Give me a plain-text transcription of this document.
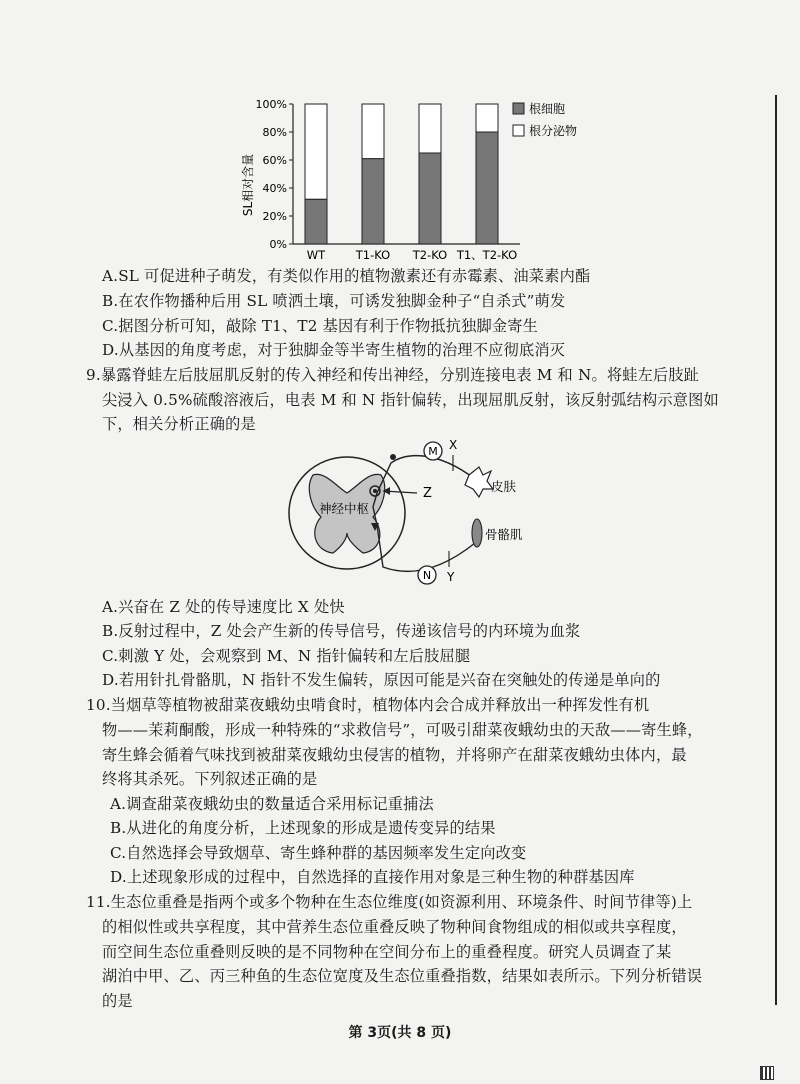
SL相对含量
0%
20%
40%
60%
80%
100%
WT	T1-KO T2-KO T1、T2-KO
根细胞
根分泌物
A.SL 可促进种子萌发，有类似作用的植物激素还有赤霉素、油菜素内酯
B.在农作物播种后用 SL 喷洒土壤，可诱发独脚金种子“自杀式”萌发
C.据图分析可知，敲除 T1、T2 基因有利于作物抵抗独脚金寄生
D.从基因的角度考虑，对于独脚金等半寄生植物的治理不应彻底消灭
9.暴露脊蛙左后肢屈肌反射的传入神经和传出神经，分别连接电表 M 和 N。将蛙左后肢趾
尖浸入 0.5%硫酸溶液后，电表 M 和 N 指针偏转，出现屈肌反射，该反射弧结构示意图如
下，相关分析正确的是
神经中枢
Z
M X
皮肤
骨骼肌
Y
N
A.兴奋在 Z 处的传导速度比 X 处快
B.反射过程中，Z 处会产生新的传导信号，传递该信号的内环境为血浆
C.刺激 Y 处，会观察到 M、N 指针偏转和左后肢屈腿
D.若用针扎骨骼肌，N 指针不发生偏转，原因可能是兴奋在突触处的传递是单向的
10.当烟草等植物被甜菜夜蛾幼虫啃食时，植物体内会合成并释放出一种挥发性有机
物——茉莉酮酸，形成一种特殊的“求救信号”，可吸引甜菜夜蛾幼虫的天敌——寄生蜂，
寄生蜂会循着气味找到被甜菜夜蛾幼虫侵害的植物，并将卵产在甜菜夜蛾幼虫体内，最
终将其杀死。下列叙述正确的是
A.调查甜菜夜蛾幼虫的数量适合采用标记重捕法
B.从进化的角度分析，上述现象的形成是遗传变异的结果
C.自然选择会导致烟草、寄生蜂种群的基因频率发生定向改变
D.上述现象形成的过程中，自然选择的直接作用对象是三种生物的种群基因库
11.生态位重叠是指两个或多个物种在生态位维度(如资源利用、环境条件、时间节律等)上
的相似性或共享程度，其中营养生态位重叠反映了物种间食物组成的相似或共享程度，
而空间生态位重叠则反映的是不同物种在空间分布上的重叠程度。研究人员调查了某
湖泊中甲、乙、丙三种鱼的生态位宽度及生态位重叠指数，结果如表所示。下列分析错误
的是
第 3页(共 8 页)
